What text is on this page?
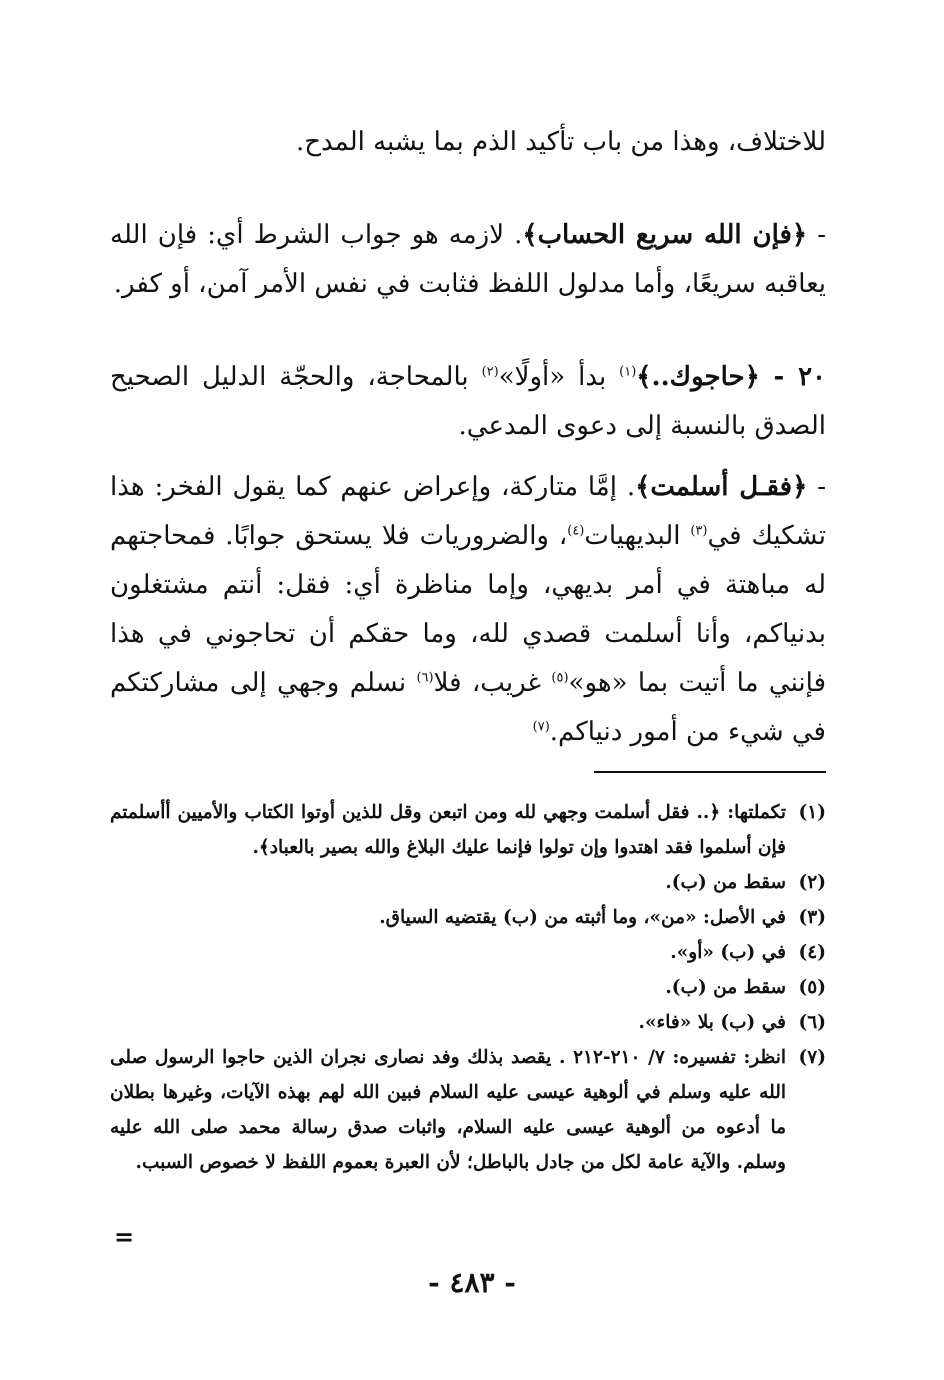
للاختلاف، وهذا من باب تأكيد الذم بما يشبه المدح.

- ﴿فإن الله سريع الحساب﴾. لازمه هو جواب الشرط أي: فإن الله يعاقبه سريعًا، وأما مدلول اللفظ فثابت في نفس الأمر آمن، أو كفر.

٢٠ - ﴿حاجوك..﴾$^{(١)}$ بدأ «أولًا»$^{(٢)}$ بالمحاجة، والحجّة الدليل الصحيح الصدق بالنسبة إلى دعوى المدعي.

- ﴿فقـل أسلمت﴾. إمَّا متاركة، وإعراض عنهم كما يقول الفخر: هذا تشكيك في$^{(٣)}$ البديهيات$^{(٤)}$، والضروريات فلا يستحق جوابًا. فمحاجتهم له مباهتة في أمر بديهي، وإما مناظرة أي: فقل: أنتم مشتغلون بدنياكم، وأنا أسلمت قصدي لله، وما حقكم أن تحاجوني في هذا فإنني ما أتيت بما «هو»$^{(٥)}$ غريب، فلا$^{(٦)}$ نسلم وجهي إلى مشاركتكم في شيء من أمور دنياكم.$^{(٧)}$

(١)
تكملتها: ﴿.. فقل أسلمت وجهي لله ومن اتبعن وقل للذين أوتوا الكتاب والأميين أأسلمتم فإن أسلموا فقد اهتدوا وإن تولوا فإنما عليك البلاغ والله بصير بالعباد﴾.
(٢)
سقط من (ب).
(٣)
في الأصل: «من»، وما أثبته من (ب) يقتضيه السياق.
(٤)
في (ب) «أو».
(٥)
سقط من (ب).
(٦)
في (ب) بلا «فاء».
(٧)
انظر: تفسيره: ٧/ ٢١٠-٢١٢ . يقصد بذلك وفد نصارى نجران الذين حاجوا الرسول صلى الله عليه وسلم في ألوهية عيسى عليه السلام فبين الله لهم بهذه الآيات، وغيرها بطلان ما أدعوه من ألوهية عيسى عليه السلام، واثبات صدق رسالة محمد صلى الله عليه وسلم. والآية عامة لكل من جادل بالباطل؛ لأن العبرة بعموم اللفظ لا خصوص السبب.
=
- ٤٨٣ -
